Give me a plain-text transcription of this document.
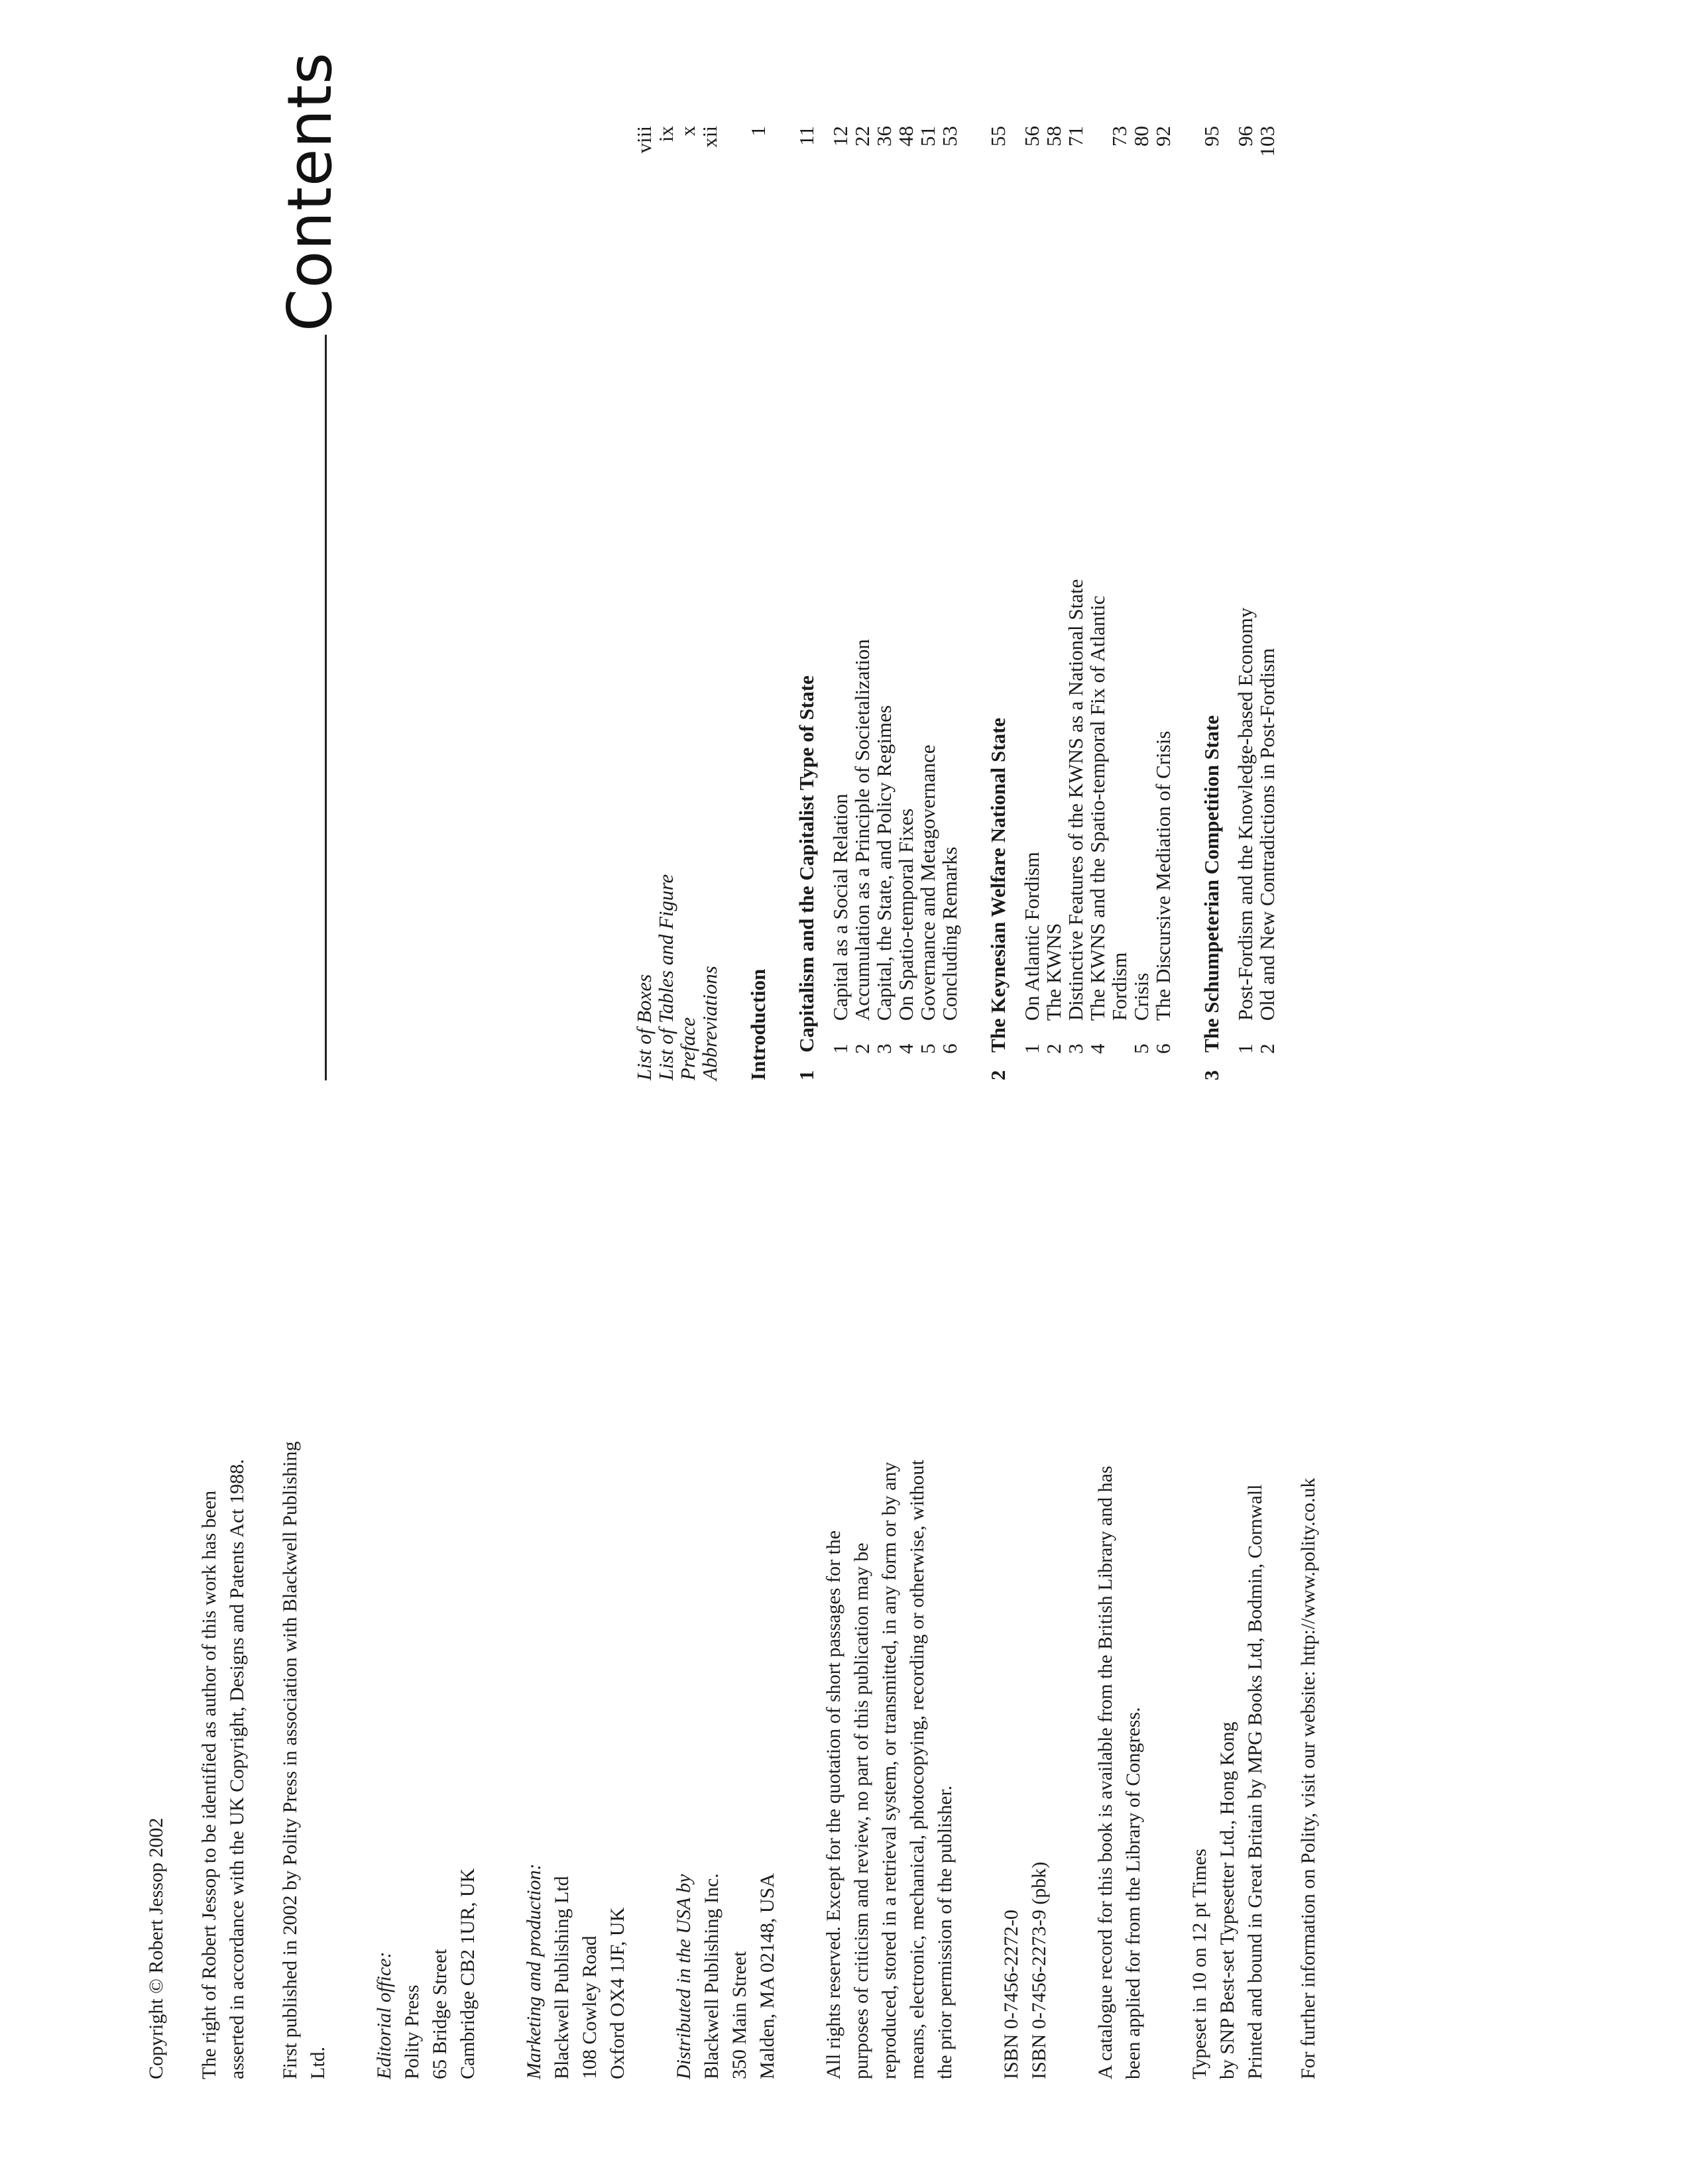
Copyright © Robert Jessop 2002 The right of Robert Jessop to be identified as author of this work has been asserted in accordance with the UK Copyright, Designs and Patents Act 1988. First published in 2002 by Polity Press in association with Blackwell Publishing Ltd. Editorial office: Polity Press 65 Bridge Street Cambridge CB2 1UR, UK Marketing and production: Blackwell Publishing Ltd 108 Cowley Road Oxford OX4 1JF, UK Distributed in the USA by Blackwell Publishing Inc. 350 Main Street Malden, MA 02148, USA All rights reserved. Except for the quotation of short passages for the purposes of criticism and review, no part of this publication may be reproduced, stored in a retrieval system, or transmitted, in any form or by any means, electronic, mechanical, photocopying, recording or otherwise, without the prior permission of the publisher. ISBN 0-7456-2272-0 ISBN 0-7456-2273-9 (pbk) A catalogue record for this book is available from the British Library and has been applied for from the Library of Congress. Typeset in 10 on 12 pt Times by SNP Best-set Typesetter Ltd., Hong Kong Printed and bound in Great Britain by MPG Books Ltd, Bodmin, Cornwall For further information on Polity, visit our website: http://www.polity.co.uk
Contents
List of Boxes
viii
List of Tables and Figure
ix
Preface
x
Abbreviations
xii
Introduction
1
1
Capitalism and the Capitalist Type of State
11
1
Capital as a Social Relation
12
2
Accumulation as a Principle of Societalization
22
3
Capital, the State, and Policy Regimes
36
4
On Spatio-temporal Fixes
48
5
Governance and Metagovernance
51
6
Concluding Remarks
53
2
The Keynesian Welfare National State
55
1
On Atlantic Fordism
56
2
The KWNS
58
3
Distinctive Features of the KWNS as a National State
71
4
The KWNS and the Spatio-temporal Fix of Atlantic
Fordism
73
5
Crisis
80
6
The Discursive Mediation of Crisis
92
3
The Schumpeterian Competition State
95
1
Post-Fordism and the Knowledge-based Economy
96
2
Old and New Contradictions in Post-Fordism
103
